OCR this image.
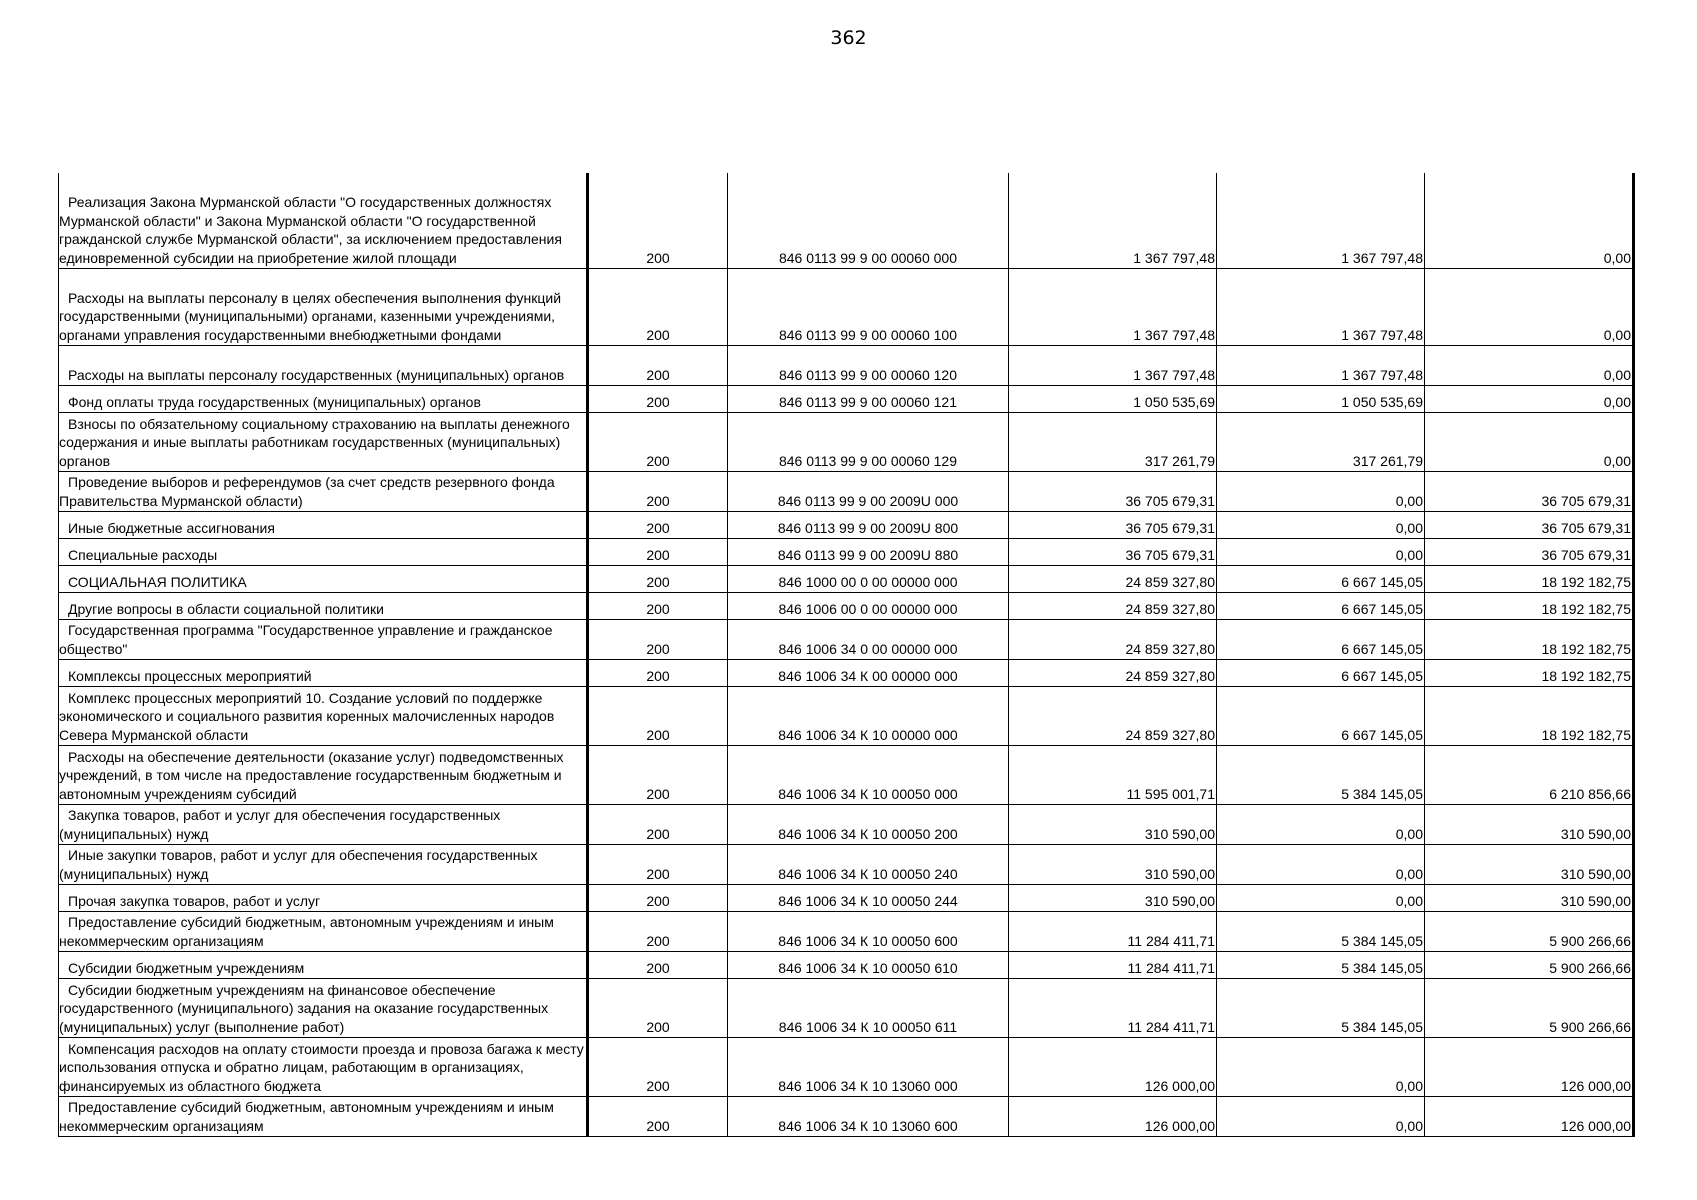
362
Реализация Закона Мурманской области "О государственных должностях Мурманской области" и Закона Мурманской области "О государственной гражданской службе Мурманской области", за исключением предоставления единовременной субсидии на приобретение жилой площади	200	846 0113 99 9 00 00060 000	1 367 797,48	1 367 797,48	0,00
Расходы на выплаты персоналу в целях обеспечения выполнения функций государственными (муниципальными) органами, казенными учреждениями, органами управления государственными внебюджетными фондами	200	846 0113 99 9 00 00060 100	1 367 797,48	1 367 797,48	0,00
Расходы на выплаты персоналу государственных (муниципальных) органов	200	846 0113 99 9 00 00060 120	1 367 797,48	1 367 797,48	0,00
Фонд оплаты труда государственных (муниципальных) органов	200	846 0113 99 9 00 00060 121	1 050 535,69	1 050 535,69	0,00
Взносы по обязательному социальному страхованию на выплаты денежного содержания и иные выплаты работникам государственных (муниципальных) органов	200	846 0113 99 9 00 00060 129	317 261,79	317 261,79	0,00
Проведение выборов и референдумов (за счет средств резервного фонда Правительства Мурманской области)	200	846 0113 99 9 00 2009U 000	36 705 679,31	0,00	36 705 679,31
Иные бюджетные ассигнования	200	846 0113 99 9 00 2009U 800	36 705 679,31	0,00	36 705 679,31
Специальные расходы	200	846 0113 99 9 00 2009U 880	36 705 679,31	0,00	36 705 679,31
СОЦИАЛЬНАЯ ПОЛИТИКА	200	846 1000 00 0 00 00000 000	24 859 327,80	6 667 145,05	18 192 182,75
Другие вопросы в области социальной политики	200	846 1006 00 0 00 00000 000	24 859 327,80	6 667 145,05	18 192 182,75
Государственная программа "Государственное управление и гражданское общество"	200	846 1006 34 0 00 00000 000	24 859 327,80	6 667 145,05	18 192 182,75
Комплексы процессных мероприятий	200	846 1006 34 К 00 00000 000	24 859 327,80	6 667 145,05	18 192 182,75
Комплекс процессных мероприятий 10. Создание условий по поддержке экономического и социального развития коренных малочисленных народов Севера Мурманской области	200	846 1006 34 К 10 00000 000	24 859 327,80	6 667 145,05	18 192 182,75
Расходы на обеспечение деятельности (оказание услуг) подведомственных учреждений, в том числе на предоставление государственным бюджетным и автономным учреждениям субсидий	200	846 1006 34 К 10 00050 000	11 595 001,71	5 384 145,05	6 210 856,66
Закупка товаров, работ и услуг для обеспечения государственных (муниципальных) нужд	200	846 1006 34 К 10 00050 200	310 590,00	0,00	310 590,00
Иные закупки товаров, работ и услуг для обеспечения государственных (муниципальных) нужд	200	846 1006 34 К 10 00050 240	310 590,00	0,00	310 590,00
Прочая закупка товаров, работ и услуг	200	846 1006 34 К 10 00050 244	310 590,00	0,00	310 590,00
Предоставление субсидий бюджетным, автономным учреждениям и иным некоммерческим организациям	200	846 1006 34 К 10 00050 600	11 284 411,71	5 384 145,05	5 900 266,66
Субсидии бюджетным учреждениям	200	846 1006 34 К 10 00050 610	11 284 411,71	5 384 145,05	5 900 266,66
Субсидии бюджетным учреждениям на финансовое обеспечение государственного (муниципального) задания на оказание государственных (муниципальных) услуг (выполнение работ)	200	846 1006 34 К 10 00050 611	11 284 411,71	5 384 145,05	5 900 266,66
Компенсация расходов на оплату стоимости проезда и провоза багажа к месту использования отпуска и обратно лицам, работающим в организациях, финансируемых из областного бюджета	200	846 1006 34 К 10 13060 000	126 000,00	0,00	126 000,00
Предоставление субсидий бюджетным, автономным учреждениям и иным некоммерческим организациям	200	846 1006 34 К 10 13060 600	126 000,00	0,00	126 000,00
